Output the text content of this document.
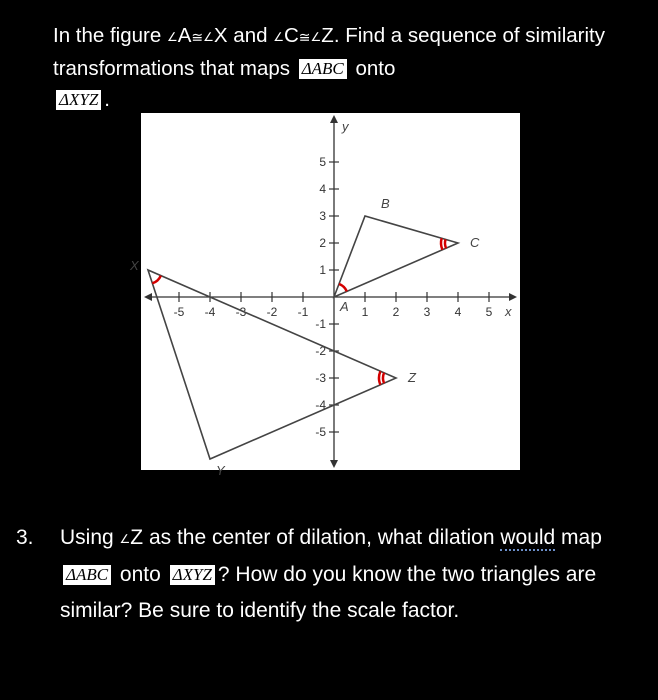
In the figure ∠A≅∠X and ∠C≅∠Z. Find a sequence of similarity transformations that maps ΔABC onto
ΔXYZ .

-5 -4 -3 -2 -1	1 2 3 4 5
5
4
3
2
1
-1
-2
-3
-4
-5
A
B
C
X
Y
Z
x
y
3. Using ∠Z as the center of dilation, what dilation would map ΔABC onto ΔXYZ ? How do you know the two triangles are similar? Be sure to identify the scale factor.
